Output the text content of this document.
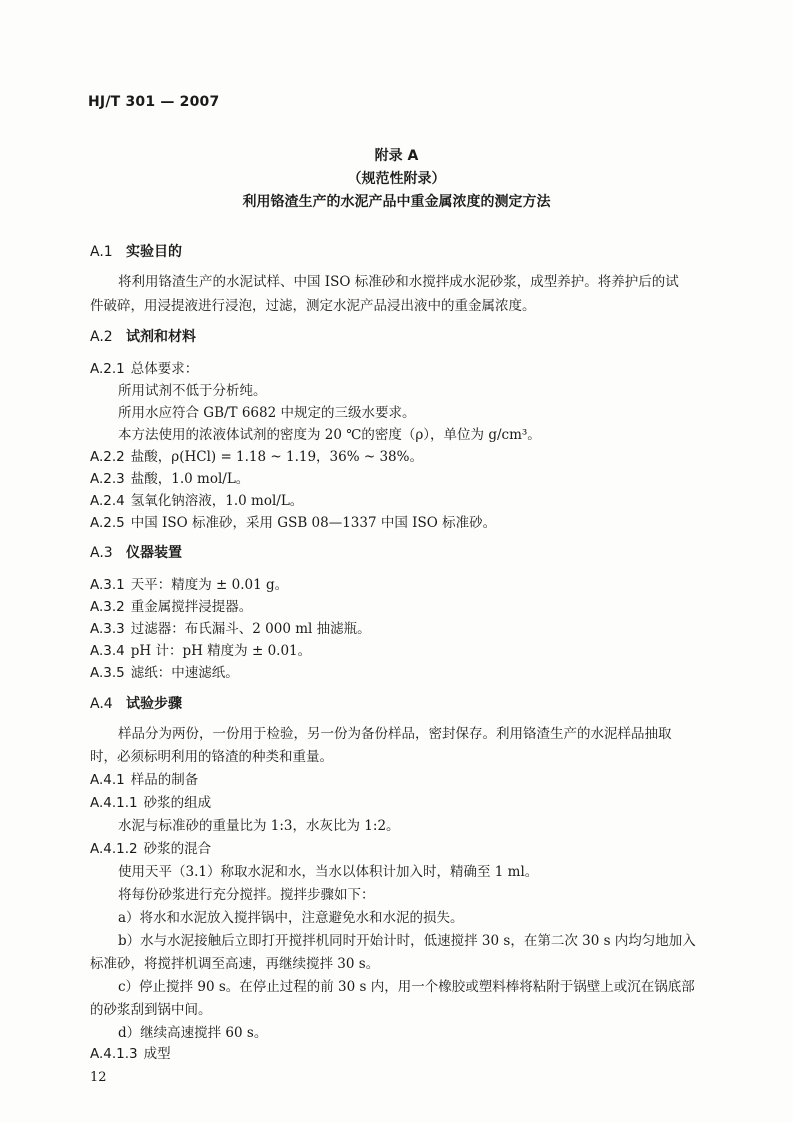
HJ/T 301 — 2007
附录 A
（规范性附录）
利用铬渣生产的水泥产品中重金属浓度的测定方法
A.1 实验目的
将利用铬渣生产的水泥试样、中国 ISO 标准砂和水搅拌成水泥砂浆，成型养护。将养护后的试
件破碎，用浸提液进行浸泡，过滤，测定水泥产品浸出液中的重金属浓度。
A.2 试剂和材料
A.2.1 总体要求：
所用试剂不低于分析纯。
所用水应符合 GB/T 6682 中规定的三级水要求。
本方法使用的浓液体试剂的密度为 20 ℃的密度（ρ），单位为 g/cm³。
A.2.2 盐酸，ρ(HCl) = 1.18 ~ 1.19，36% ~ 38%。
A.2.3 盐酸，1.0 mol/L。
A.2.4 氢氧化钠溶液，1.0 mol/L。
A.2.5 中国 ISO 标准砂，采用 GSB 08—1337 中国 ISO 标准砂。
A.3 仪器装置
A.3.1 天平：精度为 ± 0.01 g。
A.3.2 重金属搅拌浸提器。
A.3.3 过滤器：布氏漏斗、2 000 ml 抽滤瓶。
A.3.4 pH 计：pH 精度为 ± 0.01。
A.3.5 滤纸：中速滤纸。
A.4 试验步骤
样品分为两份，一份用于检验，另一份为备份样品，密封保存。利用铬渣生产的水泥样品抽取
时，必须标明利用的铬渣的种类和重量。
A.4.1 样品的制备
A.4.1.1 砂浆的组成
水泥与标准砂的重量比为 1:3，水灰比为 1:2。
A.4.1.2 砂浆的混合
使用天平（3.1）称取水泥和水，当水以体积计加入时，精确至 1 ml。
将每份砂浆进行充分搅拌。搅拌步骤如下：
a）将水和水泥放入搅拌锅中，注意避免水和水泥的损失。
b）水与水泥接触后立即打开搅拌机同时开始计时，低速搅拌 30 s，在第二次 30 s 内均匀地加入
标准砂，将搅拌机调至高速，再继续搅拌 30 s。
c）停止搅拌 90 s。在停止过程的前 30 s 内，用一个橡胶或塑料棒将粘附于锅壁上或沉在锅底部
的砂浆刮到锅中间。
d）继续高速搅拌 60 s。
A.4.1.3 成型
12
